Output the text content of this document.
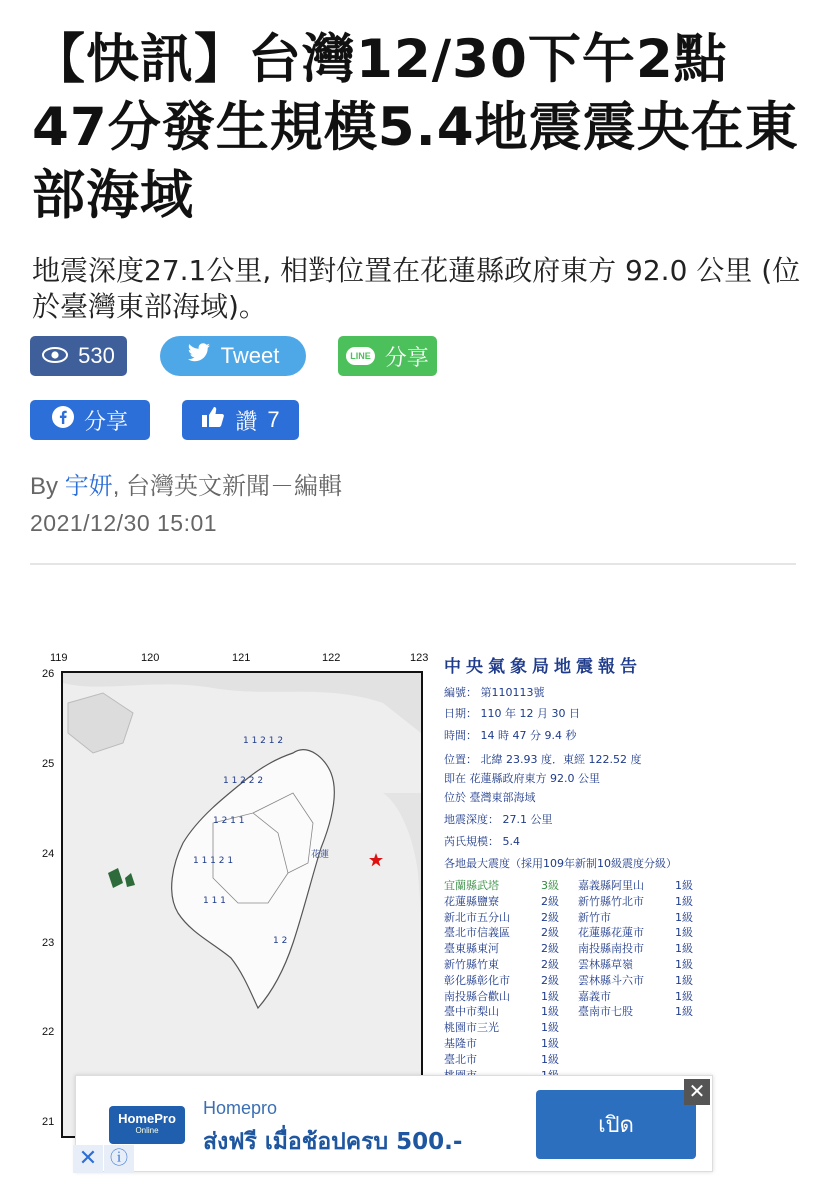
【快訊】台灣12/30下午2點47分發生規模5.4地震震央在東部海域
地震深度27.1公里, 相對位置在花蓮縣政府東方 92.0 公里 (位於臺灣東部海域)。
530	Tweet	LINE 分享
分享	讚 7
By 宇妍, 台灣英文新聞－編輯
2021/12/30 15:01
119	120	121	122	123
26
25
24
23
22
21
1 1 2 1 2
1 1 2 2 2
1 2 1 1
1 1 1 2 1
1 1 1
1 2
花蓮
中央氣象局地震報告
編號： 第110113號
日期： 110 年 12 月 30 日
時間： 14 時 47 分 9.4 秒
位置： 北緯 23.93 度．東經 122.52 度
即在 花蓮縣政府東方 92.0 公里
位於 臺灣東部海域
地震深度： 27.1 公里
芮氏規模： 5.4
各地最大震度（採用109年新制10級震度分級）
宜蘭縣武塔	3級	嘉義縣阿里山	1級
花蓮縣鹽寮	2級	新竹縣竹北市	1級
新北市五分山	2級	新竹市	1級
臺北市信義區	2級	花蓮縣花蓮市	1級
臺東縣東河	2級	南投縣南投市	1級
新竹縣竹東	2級	雲林縣草嶺	1級
彰化縣彰化市	2級	雲林縣斗六市	1級
南投縣合歡山	1級	嘉義市	1級
臺中市梨山	1級	臺南市七股	1級
桃園市三光	1級
基隆市	1級
臺北市	1級
HomePro
Online
Homepro
ส่งฟรี เมื่อช้อปครบ 500.-
เปิด
✕
✕ ⓘ
